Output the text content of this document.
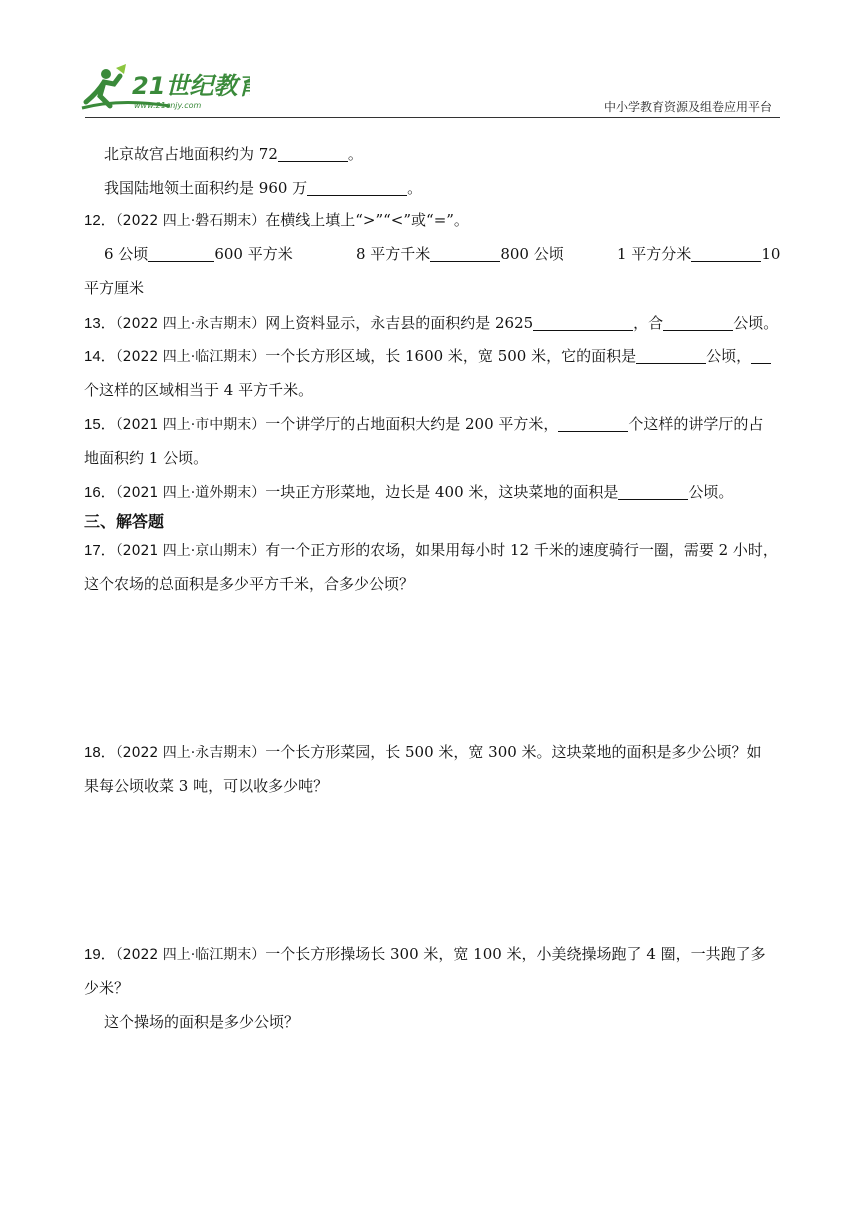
21世纪教育
www.21cnjy.com	中小学教育资源及组卷应用平台
北京故宫占地面积约为 72	。
我国陆地领土面积约是 960 万	。
12．（2022 四上·磐石期末）在横线上填上“>”“<”或“=”。
6 公顷	600 平方米	8 平方千米	800 公顷	1 平方分米	10
平方厘米
13．（2022 四上·永吉期末）网上资料显示，永吉县的面积约是 2625	，合	公顷。
14．（2022 四上·临江期末）一个长方形区域，长 1600 米，宽 500 米，它的面积是	公顷，
个这样的区域相当于 4 平方千米。
15．（2021 四上·市中期末）一个讲学厅的占地面积大约是 200 平方米，	个这样的讲学厅的占
地面积约 1 公顷。
16．（2021 四上·道外期末）一块正方形菜地，边长是 400 米，这块菜地的面积是	公顷。
三、解答题
17．（2021 四上·京山期末）有一个正方形的农场，如果用每小时 12 千米的速度骑行一圈，需要 2 小时，
这个农场的总面积是多少平方千米，合多少公顷？
18．（2022 四上·永吉期末）一个长方形菜园，长 500 米，宽 300 米。这块菜地的面积是多少公顷？如
果每公顷收菜 3 吨，可以收多少吨？
19．（2022 四上·临江期末）一个长方形操场长 300 米，宽 100 米，小美绕操场跑了 4 圈，一共跑了多
少米？
这个操场的面积是多少公顷？
